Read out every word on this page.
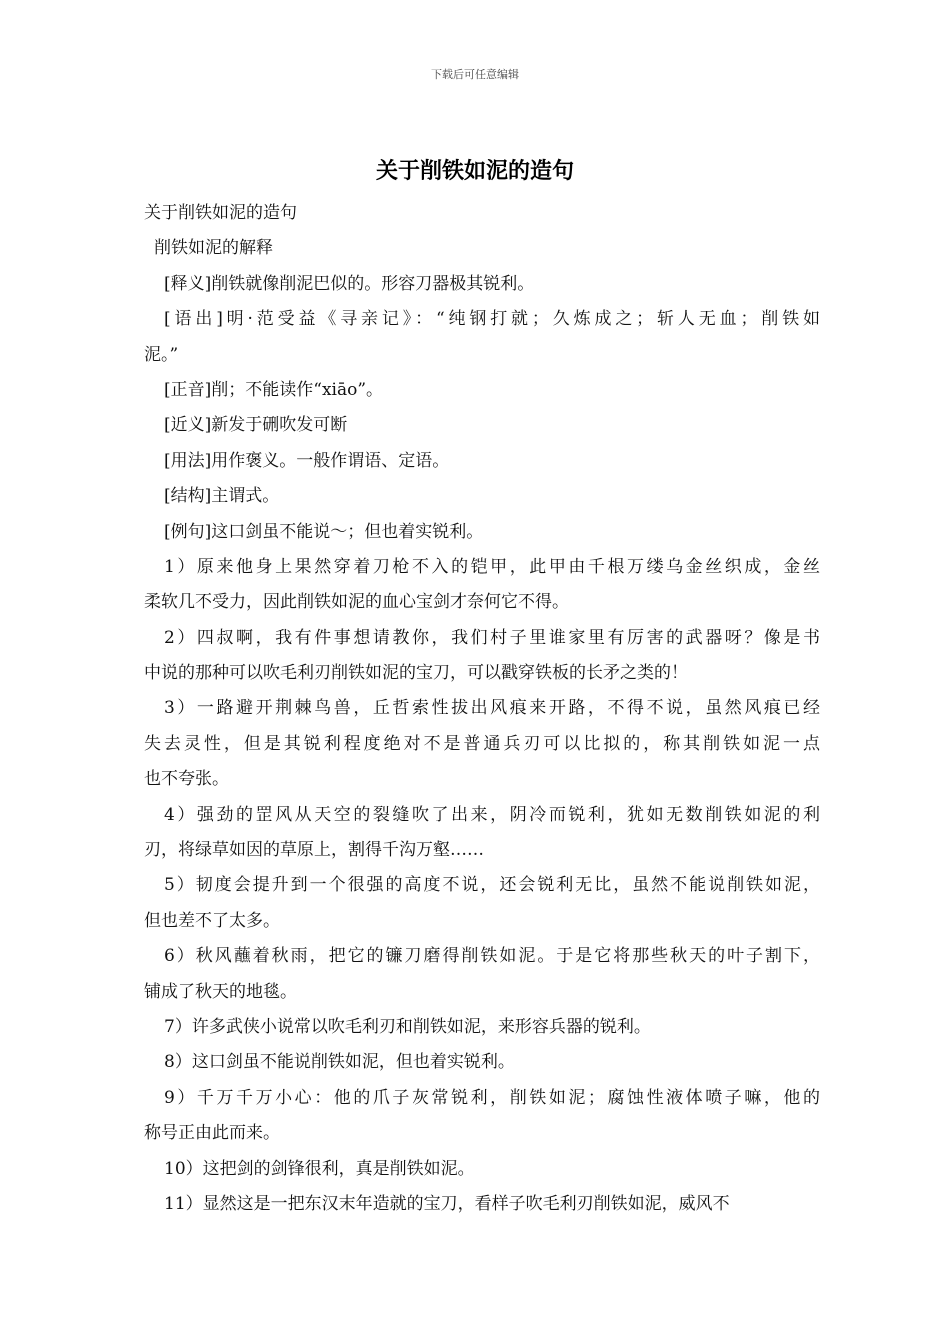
下载后可任意编辑
关于削铁如泥的造句
关于削铁如泥的造句
削铁如泥的解释
[释义]削铁就像削泥巴似的。形容刀器极其锐利。
[语出]明·范受益《寻亲记》：“纯钢打就；久炼成之；斩人无血；削铁如
泥。”
[正音]削；不能读作“xiāo”。
[近义]新发于硎吹发可断
[用法]用作褒义。一般作谓语、定语。
[结构]主谓式。
[例句]这口剑虽不能说～；但也着实锐利。
1）原来他身上果然穿着刀枪不入的铠甲，此甲由千根万缕乌金丝织成，金丝
柔软几不受力，因此削铁如泥的血心宝剑才奈何它不得。
2）四叔啊，我有件事想请教你，我们村子里谁家里有厉害的武器呀？像是书
中说的那种可以吹毛利刃削铁如泥的宝刀，可以戳穿铁板的长矛之类的！
3）一路避开荆棘鸟兽，丘哲索性拔出风痕来开路，不得不说，虽然风痕已经
失去灵性，但是其锐利程度绝对不是普通兵刃可以比拟的，称其削铁如泥一点
也不夸张。
4）强劲的罡风从天空的裂缝吹了出来，阴冷而锐利，犹如无数削铁如泥的利
刃，将绿草如因的草原上，割得千沟万壑……
5）韧度会提升到一个很强的高度不说，还会锐利无比，虽然不能说削铁如泥，
但也差不了太多。
6）秋风蘸着秋雨，把它的镰刀磨得削铁如泥。于是它将那些秋天的叶子割下，
铺成了秋天的地毯。
7）许多武侠小说常以吹毛利刃和削铁如泥，来形容兵器的锐利。
8）这口剑虽不能说削铁如泥，但也着实锐利。
9）千万千万小心：他的爪子灰常锐利，削铁如泥；腐蚀性液体喷子嘛，他的
称号正由此而来。
10）这把剑的剑锋很利，真是削铁如泥。
11）显然这是一把东汉末年造就的宝刀，看样子吹毛利刃削铁如泥，威风不
